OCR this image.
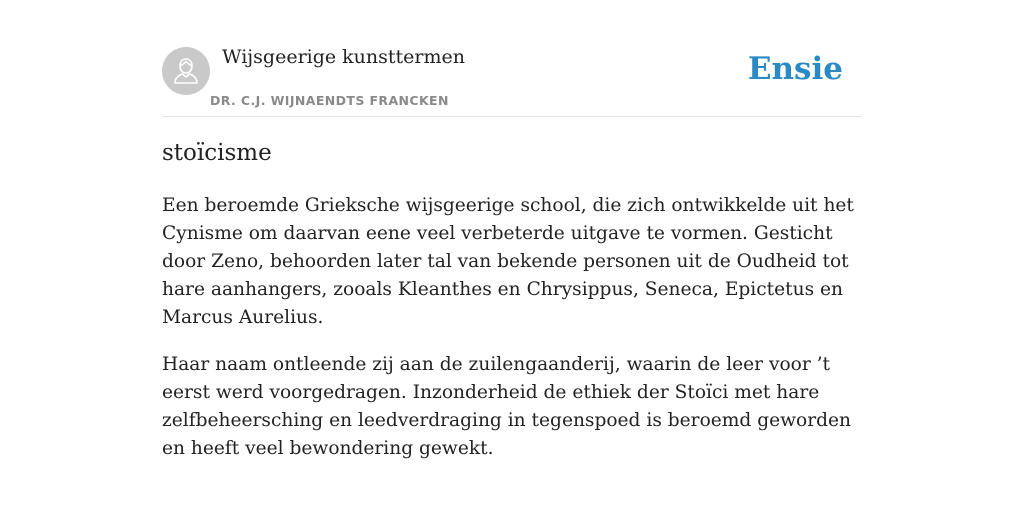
Wijsgeerige kunsttermen
DR. C.J. WIJNAENDTS FRANCKEN
Ensie
stoïcisme

Een beroemde Grieksche wijsgeerige school, die zich ontwikkelde uit het Cynisme om daarvan eene veel verbeterde uitgave te vormen. Gesticht door Zeno, behoorden later tal van bekende personen uit de Oudheid tot hare aanhangers, zooals Kleanthes en Chrysippus, Seneca, Epictetus en Marcus Aurelius.

Haar naam ontleende zij aan de zuilengaanderij, waarin de leer voor ’t eerst werd voorgedragen. Inzonderheid de ethiek der Stoïci met hare zelfbeheersching en leedverdraging in tegenspoed is beroemd geworden en heeft veel bewondering gewekt.
